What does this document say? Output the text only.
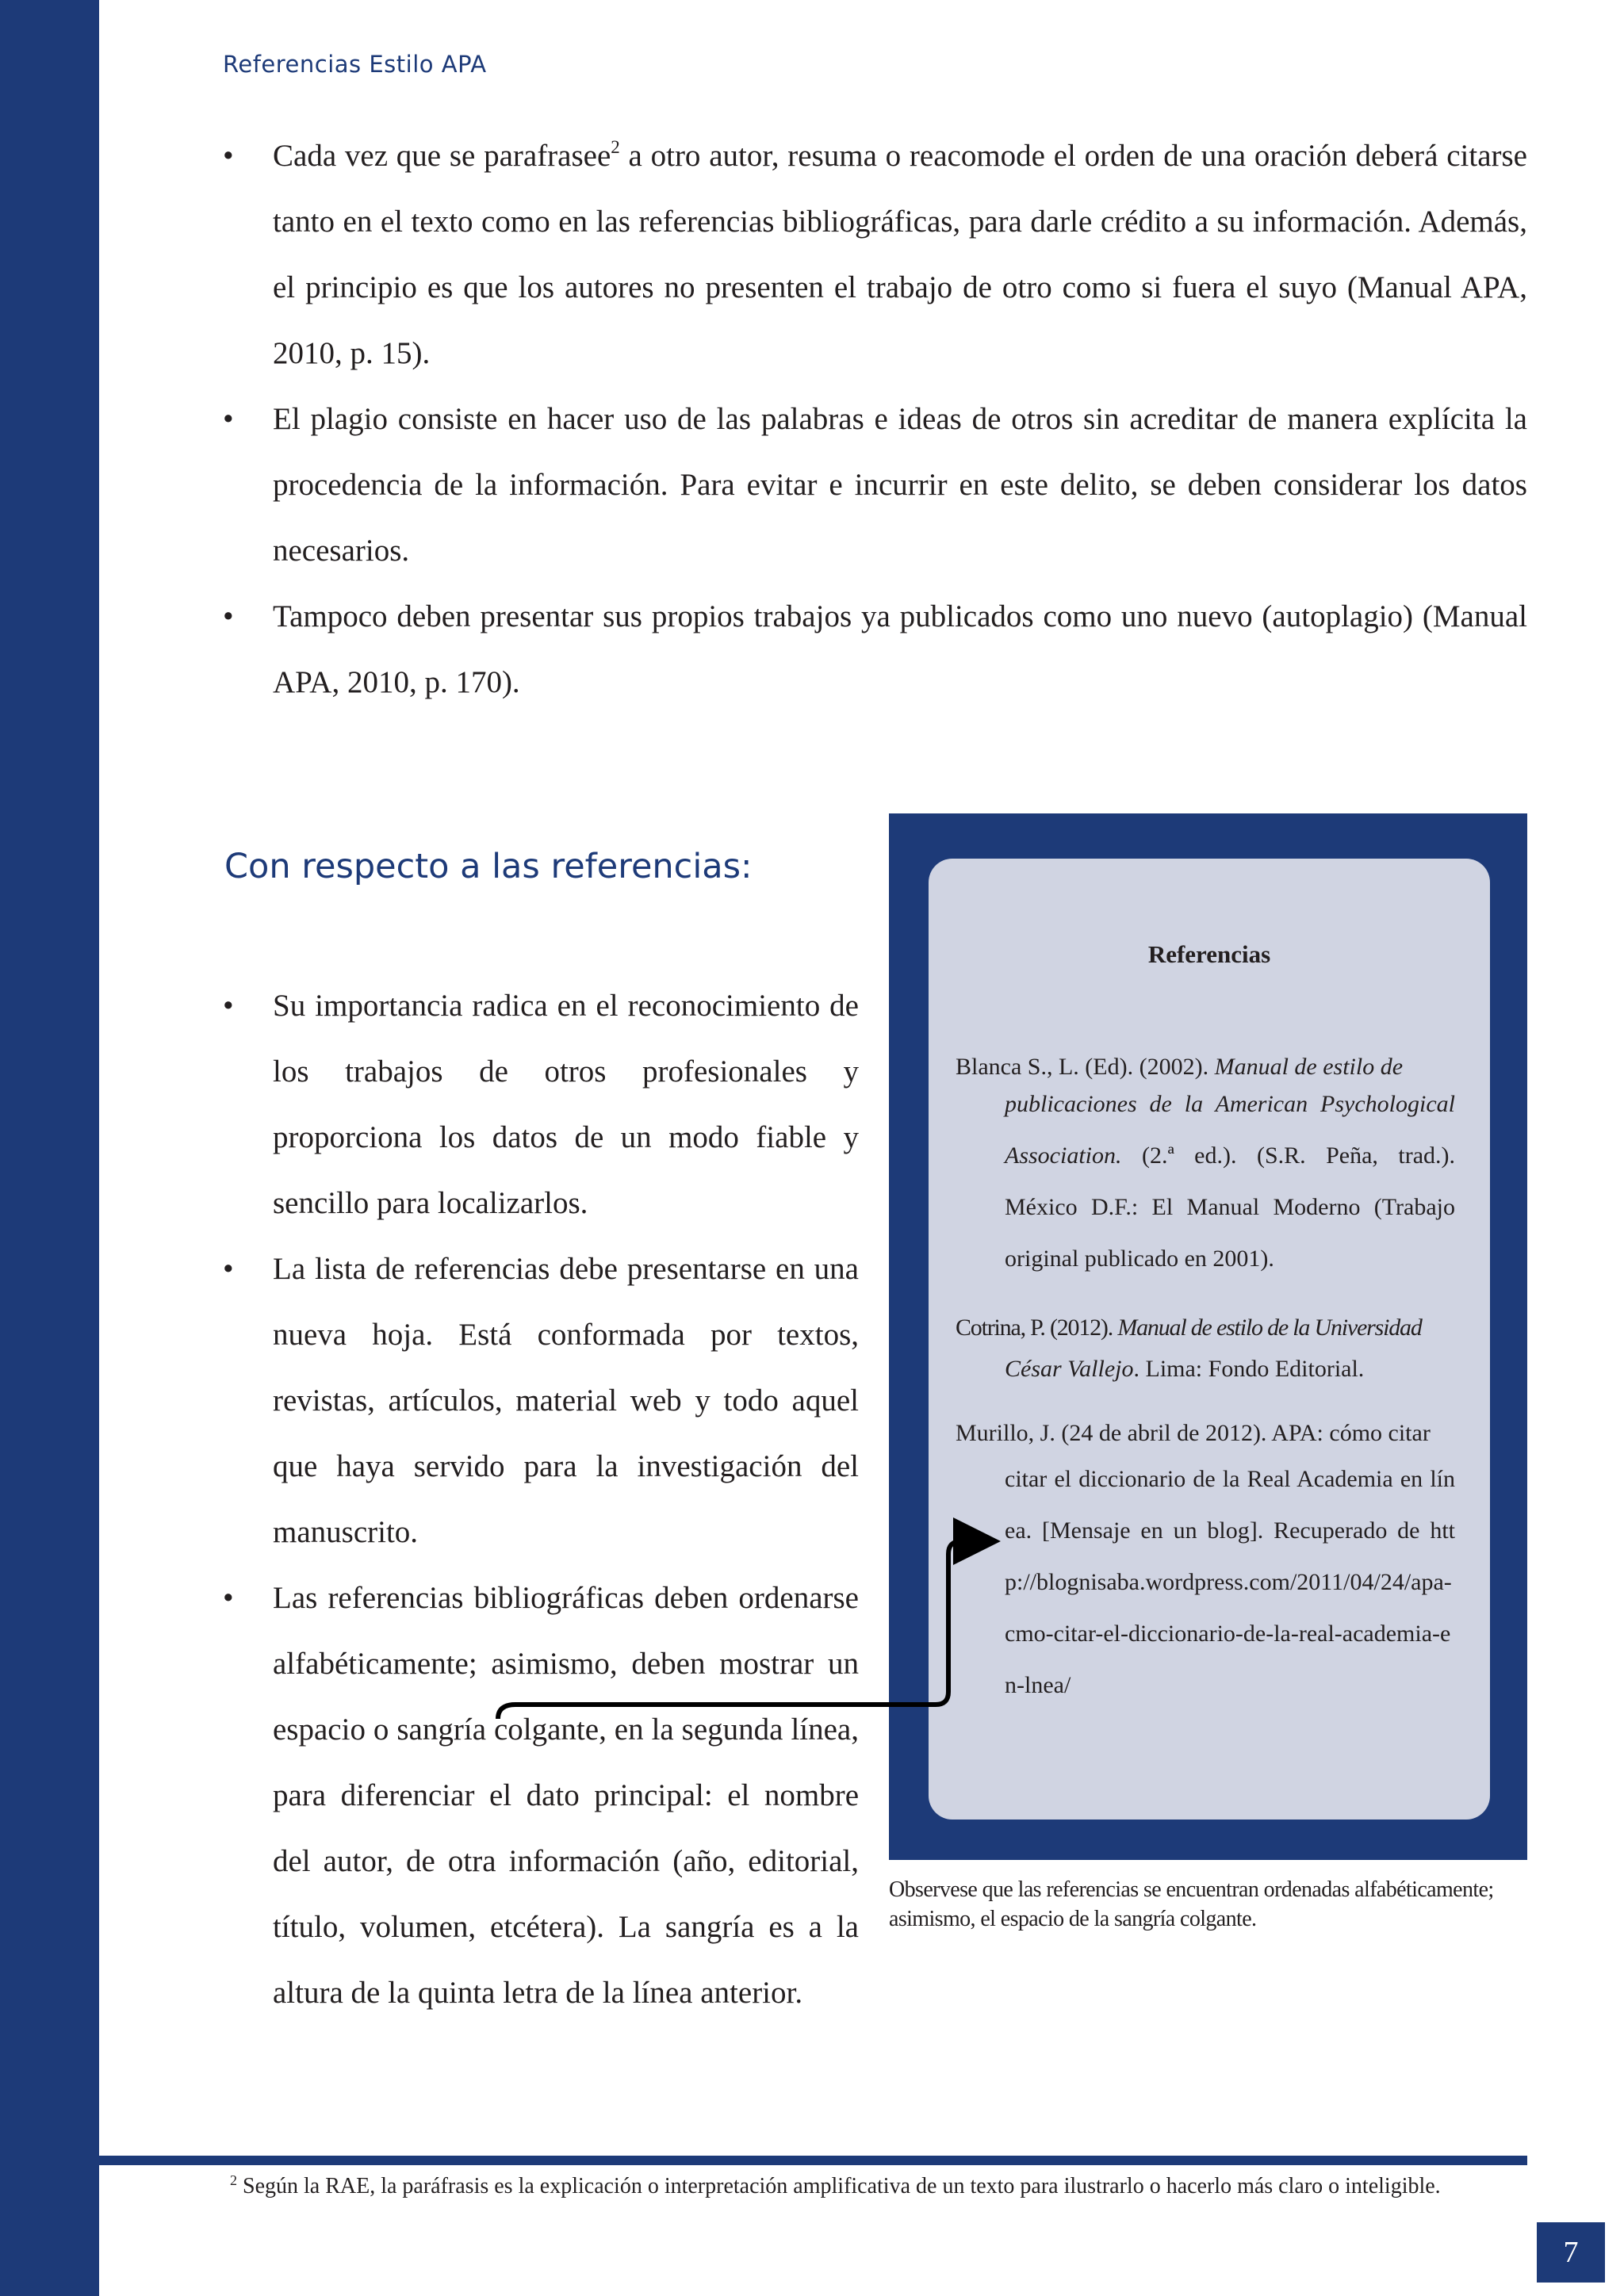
Referencias Estilo APA
• Cada vez que se parafrasee$^2$ a otro autor, resuma o reacomode el orden de una oración deberá citarse tanto en el texto como en las referencias bibliográficas, para darle crédito a su información. Además, el principio es que los autores no presenten el trabajo de otro como si fuera el suyo (Manual APA, 2010, p. 15).
• El plagio consiste en hacer uso de las palabras e ideas de otros sin acreditar de manera explícita la procedencia de la información. Para evitar e incurrir en este delito, se deben considerar los datos necesarios.
• Tampoco deben presentar sus propios trabajos ya publicados como uno nuevo (autoplagio) (Manual APA, 2010, p. 170).
Con respecto a las referencias:
• Su importancia radica en el reconocimiento de los trabajos de otros profesionales y proporciona los datos de un modo fiable y sencillo para localizarlos.
• La lista de referencias debe presentarse en una nueva hoja. Está conformada por textos, revistas, artículos, material web y todo aquel que haya servido para la investigación del manuscrito.
• Las referencias bibliográficas deben ordenarse alfabéticamente; asimismo, deben mostrar un espacio o sangría colgante, en la segunda línea, para diferenciar el dato principal: el nombre del autor, de otra información (año, editorial, título, volumen, etcétera). La sangría es a la altura de la quinta letra de la línea anterior.
Referencias
Blanca S., L. (Ed). (2002). Manual de estilo de
publicaciones de la American Psychological Association. (2.ª ed.). (S.R. Peña, trad.). México D.F.: El Manual Moderno (Trabajo original publicado en 2001).
Cotrina, P. (2012). Manual de estilo de la Universidad
César Vallejo. Lima: Fondo Editorial.
Murillo, J. (24 de abril de 2012). APA: cómo citar
citar el diccionario de la Real Academia en línea. [Mensaje en un blog]. Recuperado de http://blognisaba.wordpress.com/2011/04/24/apa-cmo-citar-el-diccionario-de-la-real-academia-en-lnea/
Observese que las referencias se encuentran ordenadas alfabéticamente; asimismo, el espacio de la sangría colgante.
$^2$ Según la RAE, la paráfrasis es la explicación o interpretación amplificativa de un texto para ilustrarlo o hacerlo más claro o inteligible.
7
